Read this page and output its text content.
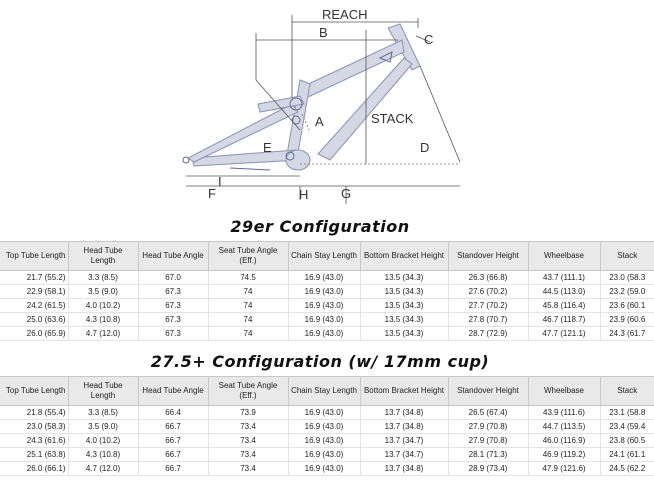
REACH
STACK
A
B	C
D
E
F	G
H
I
29er Configuration
Top Tube Length	Head Tube Length	Head Tube Angle	Seat Tube Angle (Eff.)	Chain Stay Length	Bottom Bracket Height	Standover Height	Wheelbase	Stack
21.7 (55.2)	3.3 (8.5)	67.0	74.5	16.9 (43.0)	13.5 (34.3)	26.3 (66.8)	43.7 (111.1)	23.0 (58.3
22.9 (58.1)	3.5 (9.0)	67.3	74	16.9 (43.0)	13.5 (34.3)	27.6 (70.2)	44.5 (113.0)	23.2 (59.0
24.2 (61.5)	4.0 (10.2)	67.3	74	16.9 (43.0)	13.5 (34.3)	27.7 (70.2)	45.8 (116.4)	23.6 (60.1
25.0 (63.6)	4.3 (10.8)	67.3	74	16.9 (43.0)	13.5 (34.3)	27.8 (70.7)	46.7 (118.7)	23.9 (60.6
26.0 (65.9)	4.7 (12.0)	67.3	74	16.9 (43.0)	13.5 (34.3)	28.7 (72.9)	47.7 (121.1)	24.3 (61.7
27.5+ Configuration (w/ 17mm cup)
Top Tube Length	Head Tube Length	Head Tube Angle	Seat Tube Angle (Eff.)	Chain Stay Length	Bottom Bracket Height	Standover Height	Wheelbase	Stack
21.8 (55.4)	3.3 (8.5)	66.4	73.9	16.9 (43.0)	13.7 (34.8)	26.5 (67.4)	43.9 (111.6)	23.1 (58.8
23.0 (58.3)	3.5 (9.0)	66.7	73.4	16.9 (43.0)	13.7 (34.8)	27.9 (70.8)	44.7 (113.5)	23.4 (59.4
24.3 (61.6)	4.0 (10.2)	66.7	73.4	16.9 (43.0)	13.7 (34.7)	27.9 (70.8)	46.0 (116.9)	23.8 (60.5
25.1 (63.8)	4.3 (10.8)	66.7	73.4	16.9 (43.0)	13.7 (34.7)	28.1 (71.3)	46.9 (119.2)	24.1 (61.1
26.0 (66.1)	4.7 (12.0)	66.7	73.4	16.9 (43.0)	13.7 (34.8)	28.9 (73.4)	47.9 (121.6)	24.5 (62.2
